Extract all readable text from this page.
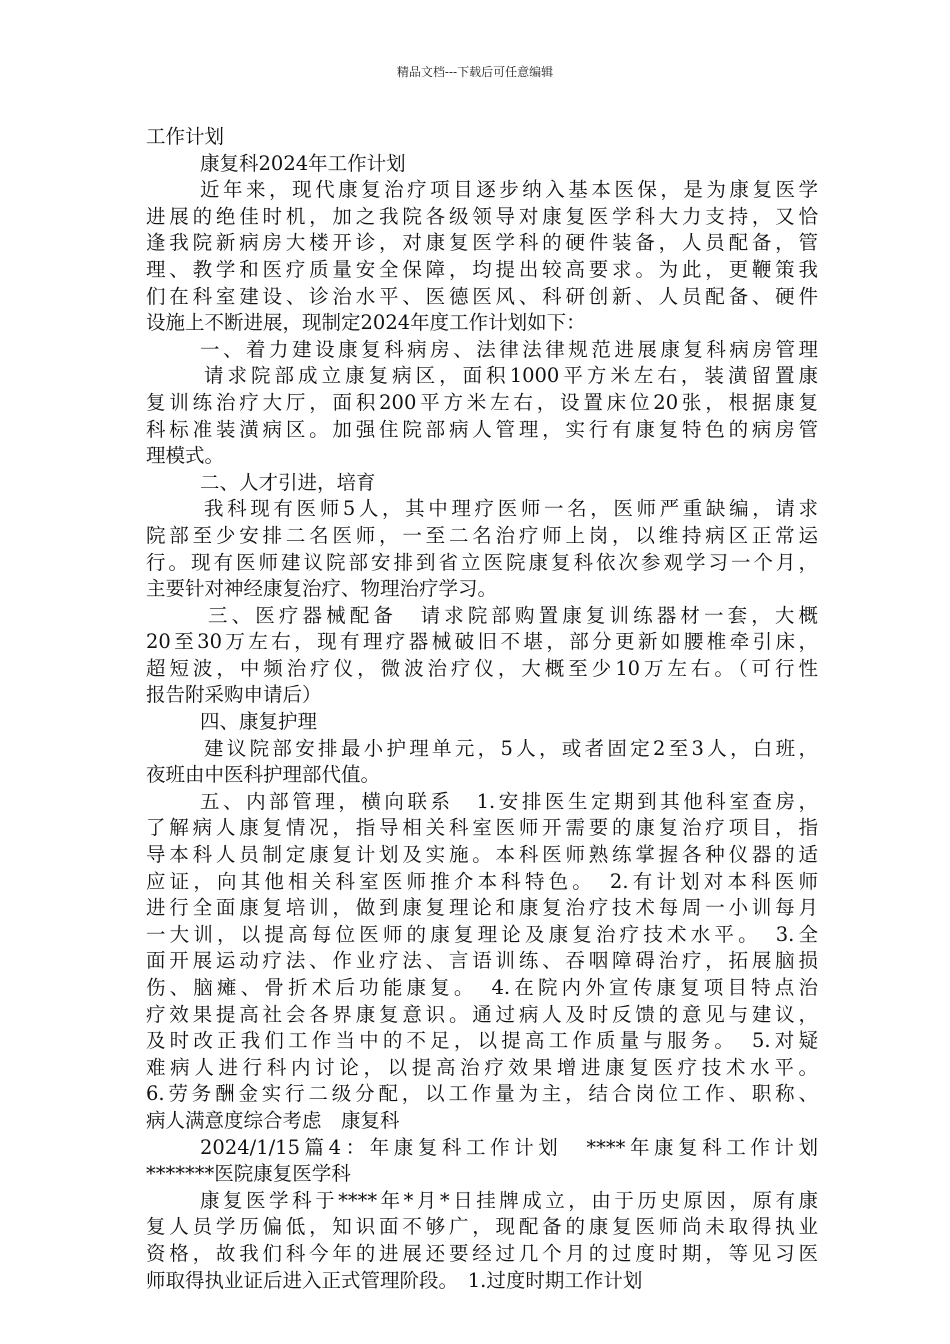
精品文档---下载后可任意编辑
工作计划
康复科2024年工作计划
近年来，现代康复治疗项目逐步纳入基本医保，是为康复医学
进展的绝佳时机，加之我院各级领导对康复医学科大力支持，又恰
逢我院新病房大楼开诊，对康复医学科的硬件装备，人员配备，管
理、教学和医疗质量安全保障，均提出较高要求。为此，更鞭策我
们在科室建设、诊治水平、医德医风、科研创新、人员配备、硬件
设施上不断进展，现制定2024年度工作计划如下：
一、着力建设康复科病房、法律法律规范进展康复科病房管理
请求院部成立康复病区，面积1000平方米左右，装潢留置康
复训练治疗大厅，面积200平方米左右，设置床位20张，根据康复
科标准装潢病区。加强住院部病人管理，实行有康复特色的病房管
理模式。
二、人才引进，培育
我科现有医师5人，其中理疗医师一名，医师严重缺编，请求
院部至少安排二名医师，一至二名治疗师上岗，以维持病区正常运
行。现有医师建议院部安排到省立医院康复科依次参观学习一个月，
主要针对神经康复治疗、物理治疗学习。
三、医疗器械配备　请求院部购置康复训练器材一套，大概
20至30万左右，现有理疗器械破旧不堪，部分更新如腰椎牵引床，
超短波，中频治疗仪，微波治疗仪，大概至少10万左右。（可行性
报告附采购申请后）
四、康复护理
建议院部安排最小护理单元，5人，或者固定2至3人，白班，
夜班由中医科护理部代值。
五、内部管理，横向联系　1.安排医生定期到其他科室查房，
了解病人康复情况，指导相关科室医师开需要的康复治疗项目，指
导本科人员制定康复计划及实施。本科医师熟练掌握各种仪器的适
应证，向其他相关科室医师推介本科特色。　2.有计划对本科医师
进行全面康复培训，做到康复理论和康复治疗技术每周一小训每月
一大训，以提高每位医师的康复理论及康复治疗技术水平。　3.全
面开展运动疗法、作业疗法、言语训练、吞咽障碍治疗，拓展脑损
伤、脑瘫、骨折术后功能康复。　4.在院内外宣传康复项目特点治
疗效果提高社会各界康复意识。通过病人及时反馈的意见与建议，
及时改正我们工作当中的不足，以提高工作质量与服务。　5.对疑
难病人进行科内讨论，以提高治疗效果增进康复医疗技术水平。
6.劳务酬金实行二级分配，以工作量为主，结合岗位工作、职称、
病人满意度综合考虑　康复科
2024/1/15篇4：年康复科工作计划　****年康复科工作计划
*******医院康复医学科
康复医学科于****年*月*日挂牌成立，由于历史原因，原有康
复人员学历偏低，知识面不够广，现配备的康复医师尚未取得执业
资格，故我们科今年的进展还要经过几个月的过度时期，等见习医
师取得执业证后进入正式管理阶段。　1.过度时期工作计划
